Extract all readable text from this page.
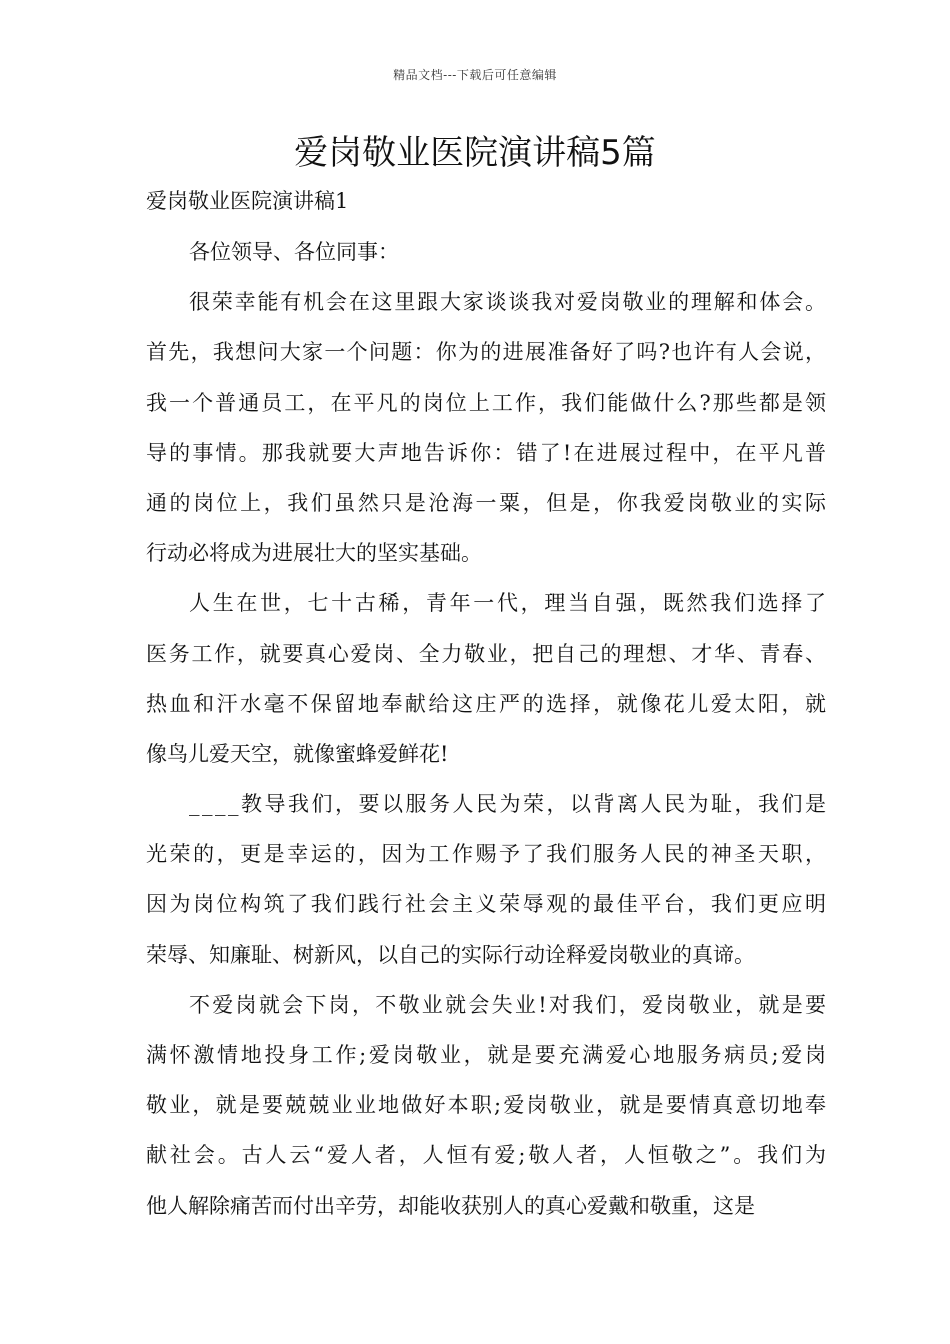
精品文档---下载后可任意编辑
爱岗敬业医院演讲稿5篇
爱岗敬业医院演讲稿1
各位领导、各位同事：
很荣幸能有机会在这里跟大家谈谈我对爱岗敬业的理解和体会。
首先，我想问大家一个问题：你为的进展准备好了吗?也许有人会说，
我一个普通员工，在平凡的岗位上工作，我们能做什么?那些都是领
导的事情。那我就要大声地告诉你：错了!在进展过程中，在平凡普
通的岗位上，我们虽然只是沧海一粟，但是，你我爱岗敬业的实际
行动必将成为进展壮大的坚实基础。
人生在世，七十古稀，青年一代，理当自强，既然我们选择了
医务工作，就要真心爱岗、全力敬业，把自己的理想、才华、青春、
热血和汗水毫不保留地奉献给这庄严的选择，就像花儿爱太阳，就
像鸟儿爱天空，就像蜜蜂爱鲜花!
____教导我们，要以服务人民为荣，以背离人民为耻，我们是
光荣的，更是幸运的，因为工作赐予了我们服务人民的神圣天职，
因为岗位构筑了我们践行社会主义荣辱观的最佳平台，我们更应明
荣辱、知廉耻、树新风，以自己的实际行动诠释爱岗敬业的真谛。
不爱岗就会下岗，不敬业就会失业!对我们，爱岗敬业，就是要
满怀激情地投身工作;爱岗敬业，就是要充满爱心地服务病员;爱岗
敬业，就是要兢兢业业地做好本职;爱岗敬业，就是要情真意切地奉
献社会。古人云“爱人者，人恒有爱;敬人者，人恒敬之”。我们为
他人解除痛苦而付出辛劳，却能收获别人的真心爱戴和敬重，这是
